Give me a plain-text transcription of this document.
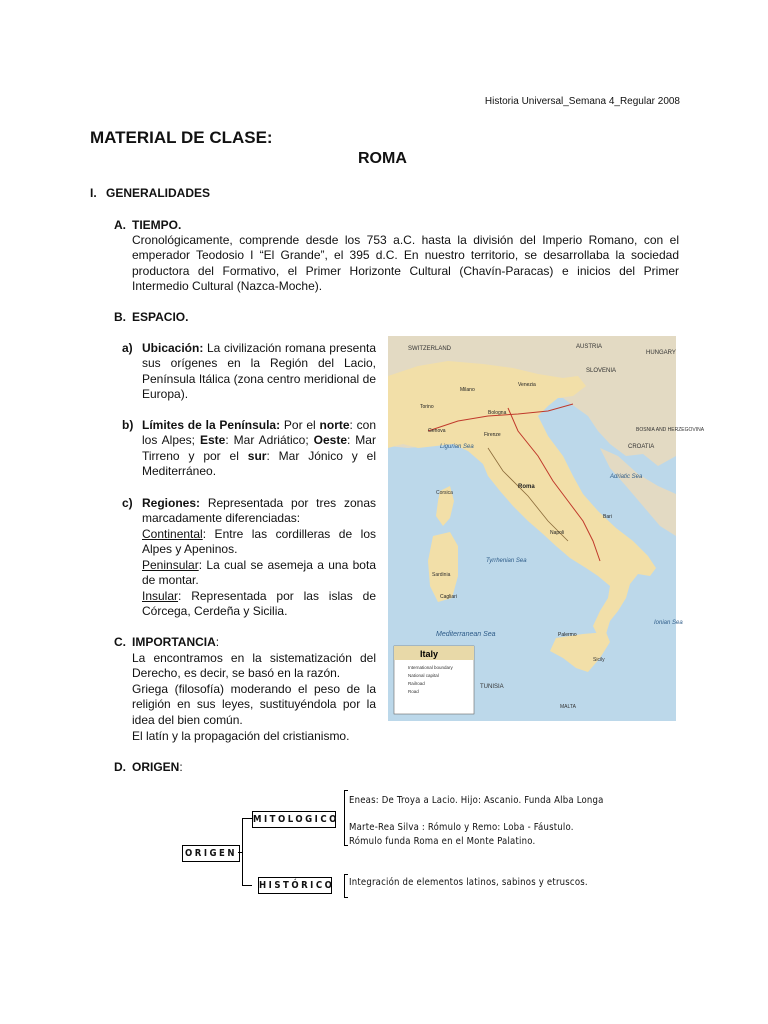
Historia Universal_Semana 4_Regular 2008
MATERIAL DE CLASE:
ROMA
I. GENERALIDADES
A. TIEMPO.
Cronológicamente, comprende desde los 753 a.C. hasta la división del Imperio Romano, con el emperador Teodosio I “El Grande”, el 395 d.C. En nuestro territorio, se desarrollaba la sociedad productora del Formativo, el Primer Horizonte Cultural (Chavín-Paracas) e inicios del Primer Intermedio Cultural (Nazca-Moche).
B. ESPACIO.
a) Ubicación: La civilización romana presenta sus orígenes en la Región del Lacio, Península Itálica (zona centro meridional de Europa).
b) Límites de la Península: Por el norte: con los Alpes; Este: Mar Adriático; Oeste: Mar Tirreno y por el sur: Mar Jónico y el Mediterráneo.
c) Regiones: Representada por tres zonas marcadamente diferenciadas:
Continental: Entre las cordilleras de los Alpes y Apeninos.
Peninsular: La cual se asemeja a una bota de montar.
Insular: Representada por las islas de Córcega, Cerdeña y Sicilia.
C. IMPORTANCIA:
La encontramos en la sistematización del Derecho, es decir, se basó en la razón.
Griega (filosofía) moderando el peso de la religión en sus leyes, sustituyéndola por la idea del bien común.
El latín y la propagación del cristianismo.
D. ORIGEN:
SWITZERLAND	AUSTRIA
HUNGARY
SLOVENIA
CROATIA
BOSNIA AND HERZEGOVINA
TUNISIA
MALTA
Ligurian Sea
Adriatic Sea
Tyrrhenian Sea
Mediterranean Sea
Ionian Sea
Corsica
Sardinia
Sicily
Milano
Torino
Venezia
Genova
Bologna
Firenze
Roma
Napoli
Bari
Palermo
Cagliari
Italy
International boundary
National capital
Railroad
Road
ORIGEN
MITOLOGICO
HISTÓRICO
Eneas: De Troya a Lacio. Hijo: Ascanio. Funda Alba Longa
Marte-Rea Silva : Rómulo y Remo: Loba - Fáustulo.
Rómulo funda Roma en el Monte Palatino.
Integración de elementos latinos, sabinos y etruscos.
